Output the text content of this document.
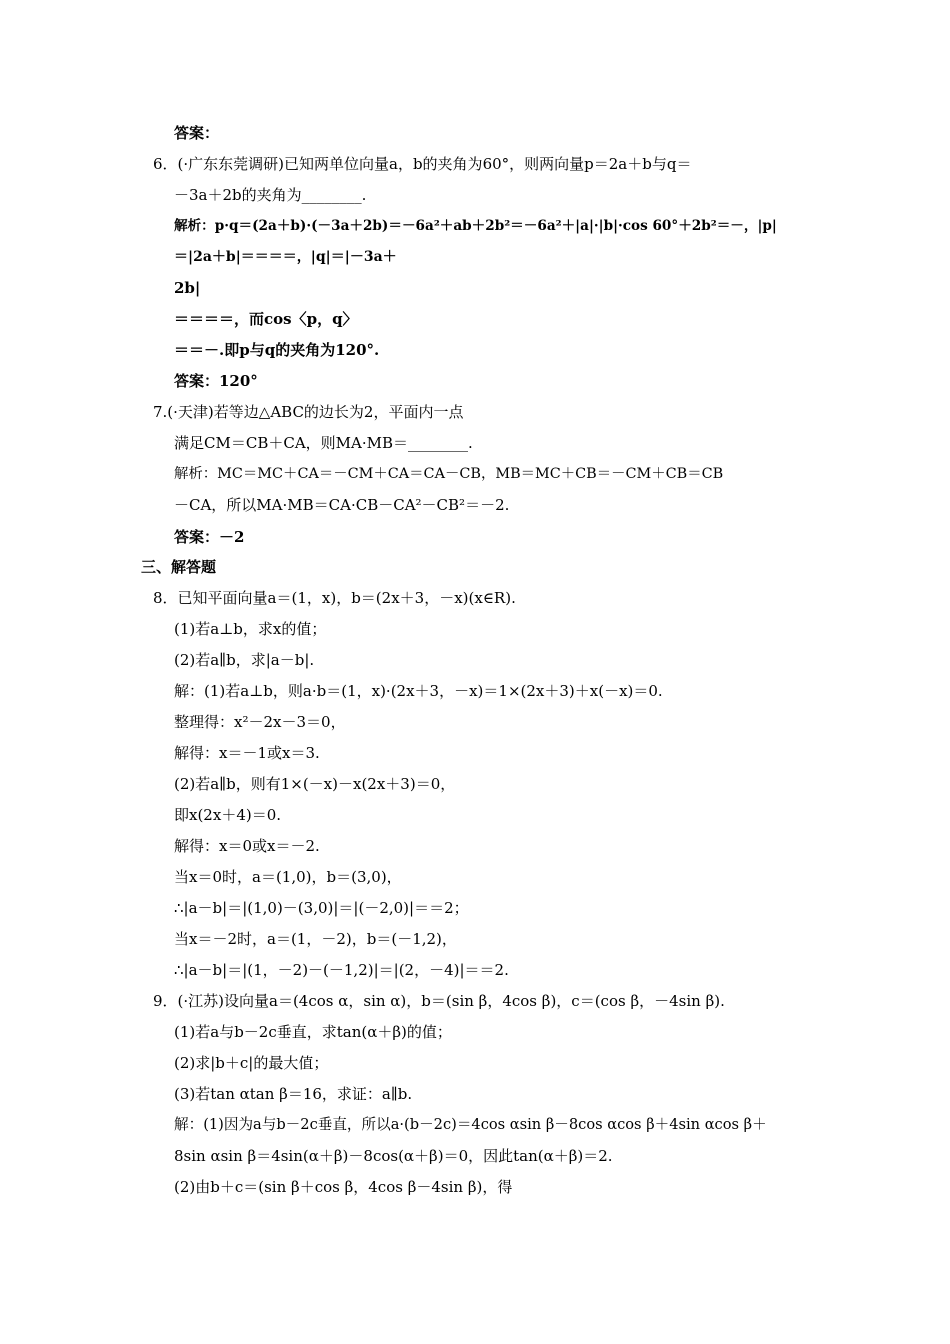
答案：
6．(·广东东莞调研)已知两单位向量a，b的夹角为60°，则两向量p＝2a＋b与q＝
－3a＋2b的夹角为________.
解析：p·q＝(2a＋b)·(－3a＋2b)＝－6a²＋ab＋2b²＝－6a²＋|a|·|b|·cos 60°＋2b²＝－，|p|
＝|2a＋b|＝＝＝＝，|q|＝|－3a＋
2b|
＝＝＝＝，而cos〈p，q〉
＝＝－.即p与q的夹角为120°.
答案：120°
7.(·天津)若等边△ABC的边长为2，平面内一点
满足CM＝CB＋CA，则MA·MB＝________.
解析：MC＝MC＋CA＝－CM＋CA＝CA－CB，MB＝MC＋CB＝－CM＋CB＝CB
－CA，所以MA·MB＝CA·CB－CA²－CB²＝－2.
答案：－2
三、解答题
8．已知平面向量a＝(1，x)，b＝(2x＋3，－x)(x∈R).
(1)若a⊥b，求x的值；
(2)若a∥b，求|a－b|.
解：(1)若a⊥b，则a·b＝(1，x)·(2x＋3，－x)＝1×(2x＋3)＋x(－x)＝0.
整理得：x²－2x－3＝0，
解得：x＝－1或x＝3.
(2)若a∥b，则有1×(－x)－x(2x＋3)＝0，
即x(2x＋4)＝0.
解得：x＝0或x＝－2.
当x＝0时，a＝(1,0)，b＝(3,0)，
∴|a－b|＝|(1,0)－(3,0)|＝|(－2,0)|＝＝2；
当x＝－2时，a＝(1，－2)，b＝(－1,2)，
∴|a－b|＝|(1，－2)－(－1,2)|＝|(2，－4)|＝＝2.
9．(·江苏)设向量a＝(4cos α，sin α)，b＝(sin β，4cos β)，c＝(cos β，－4sin β).
(1)若a与b－2c垂直，求tan(α＋β)的值；
(2)求|b＋c|的最大值；
(3)若tan αtan β＝16，求证：a∥b.
解：(1)因为a与b－2c垂直，所以a·(b－2c)＝4cos αsin β－8cos αcos β＋4sin αcos β＋
8sin αsin β＝4sin(α＋β)－8cos(α＋β)＝0，因此tan(α＋β)＝2.
(2)由b＋c＝(sin β＋cos β，4cos β－4sin β)，得
